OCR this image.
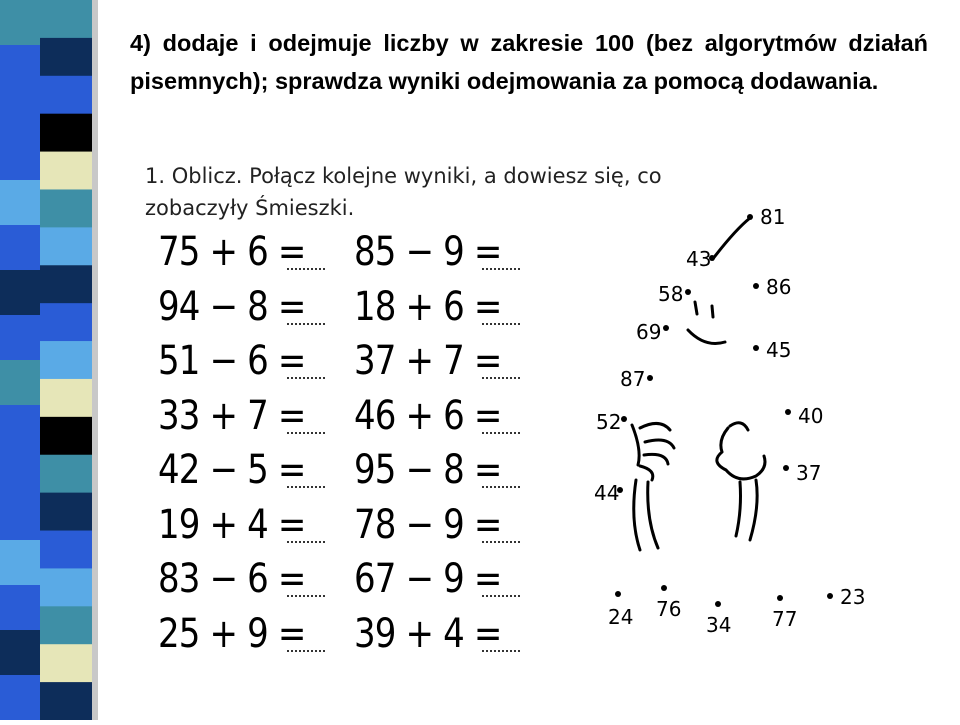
4) dodaje i odejmuje liczby w zakresie 100 (bez algorytmów działań pisemnych); sprawdza wyniki odejmowania za pomocą dodawania.

1. Oblicz. Połącz kolejne wyniki, a dowiesz się, co
zobaczyły Śmieszki.
75 + 6 =
94 − 8 =
51 − 6 =
33 + 7 =
42 − 5 =
19 + 4 =
83 − 6 =
25 + 9 =
85 − 9 =
18 + 6 =
37 + 7 =
46 + 6 =
95 − 8 =
78 − 9 =
67 − 9 =
39 + 4 =
81
43
86
58
69
45
87
52	40
37
44
23
24 76
34 77
